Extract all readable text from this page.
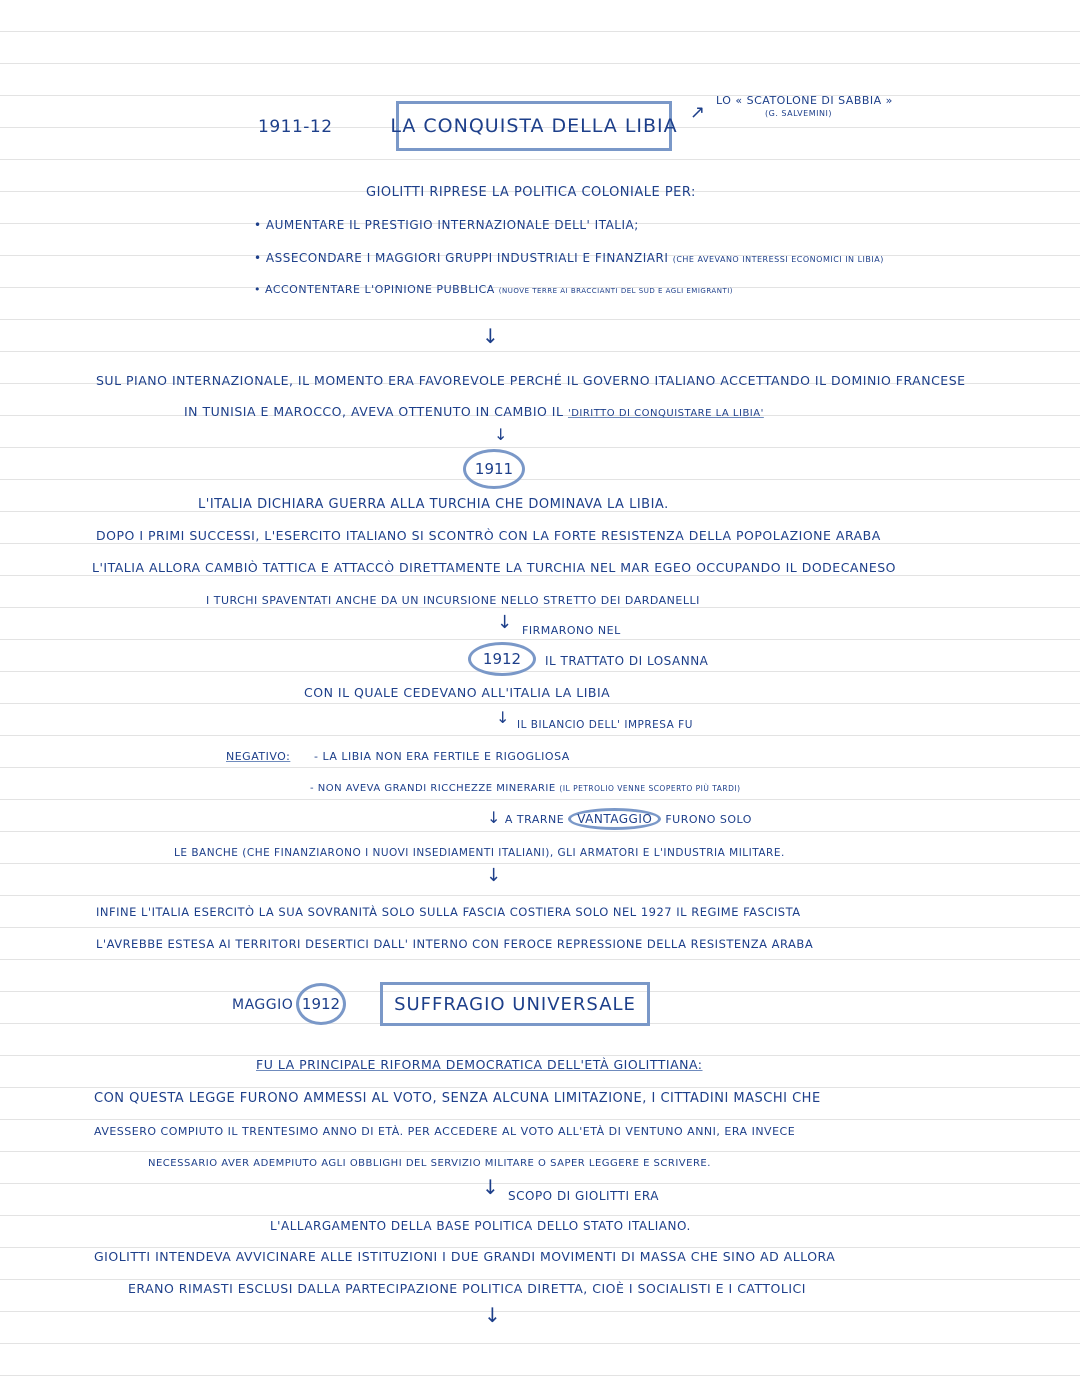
1911-12	LA CONQUISTA DELLA LIBIA
↗
LO « SCATOLONE DI SABBIA »
(G. SALVEMINI)
GIOLITTI RIPRESE LA POLITICA COLONIALE PER:
• AUMENTARE IL PRESTIGIO INTERNAZIONALE DELL' ITALIA;
• ASSECONDARE I MAGGIORI GRUPPI INDUSTRIALI E FINANZIARI (CHE AVEVANO INTERESSI ECONOMICI IN LIBIA)
• ACCONTENTARE L'OPINIONE PUBBLICA (NUOVE TERRE AI BRACCIANTI DEL SUD E AGLI EMIGRANTI)
↓
SUL PIANO INTERNAZIONALE, IL MOMENTO ERA FAVOREVOLE PERCHÉ IL GOVERNO ITALIANO ACCETTANDO IL DOMINIO FRANCESE
IN TUNISIA E MAROCCO, AVEVA OTTENUTO IN CAMBIO IL 'DIRITTO DI CONQUISTARE LA LIBIA'
↓
1911
L'ITALIA DICHIARA GUERRA ALLA TURCHIA CHE DOMINAVA LA LIBIA.
DOPO I PRIMI SUCCESSI, L'ESERCITO ITALIANO SI SCONTRÒ CON LA FORTE RESISTENZA DELLA POPOLAZIONE ARABA
L'ITALIA ALLORA CAMBIÒ TATTICA E ATTACCÒ DIRETTAMENTE LA TURCHIA NEL MAR EGEO OCCUPANDO IL DODECANESO
I TURCHI SPAVENTATI ANCHE DA UN INCURSIONE NELLO STRETTO DEI DARDANELLI
↓ FIRMARONO NEL
1912 IL TRATTATO DI LOSANNA
CON IL QUALE CEDEVANO ALL'ITALIA LA LIBIA
↓ IL BILANCIO DELL' IMPRESA FU
NEGATIVO: - LA LIBIA NON ERA FERTILE E RIGOGLIOSA
- NON AVEVA GRANDI RICCHEZZE MINERARIE (IL PETROLIO VENNE SCOPERTO PIÙ TARDI)
↓ A TRARNE VANTAGGIO FURONO SOLO
LE BANCHE (CHE FINANZIARONO I NUOVI INSEDIAMENTI ITALIANI), GLI ARMATORI E L'INDUSTRIA MILITARE.
↓
INFINE L'ITALIA ESERCITÒ LA SUA SOVRANITÀ SOLO SULLA FASCIA COSTIERA SOLO NEL 1927 IL REGIME FASCISTA
L'AVREBBE ESTESA AI TERRITORI DESERTICI DALL' INTERNO CON FEROCE REPRESSIONE DELLA RESISTENZA ARABA
MAGGIO 1912	SUFFRAGIO UNIVERSALE
FU LA PRINCIPALE RIFORMA DEMOCRATICA DELL'ETÀ GIOLITTIANA:
CON QUESTA LEGGE FURONO AMMESSI AL VOTO, SENZA ALCUNA LIMITAZIONE, I CITTADINI MASCHI CHE
AVESSERO COMPIUTO IL TRENTESIMO ANNO DI ETÀ. PER ACCEDERE AL VOTO ALL'ETÀ DI VENTUNO ANNI, ERA INVECE
NECESSARIO AVER ADEMPIUTO AGLI OBBLIGHI DEL SERVIZIO MILITARE O SAPER LEGGERE E SCRIVERE.
↓ SCOPO DI GIOLITTI ERA
L'ALLARGAMENTO DELLA BASE POLITICA DELLO STATO ITALIANO.
GIOLITTI INTENDEVA AVVICINARE ALLE ISTITUZIONI I DUE GRANDI MOVIMENTI DI MASSA CHE SINO AD ALLORA
ERANO RIMASTI ESCLUSI DALLA PARTECIPAZIONE POLITICA DIRETTA, CIOÈ I SOCIALISTI E I CATTOLICI
↓
